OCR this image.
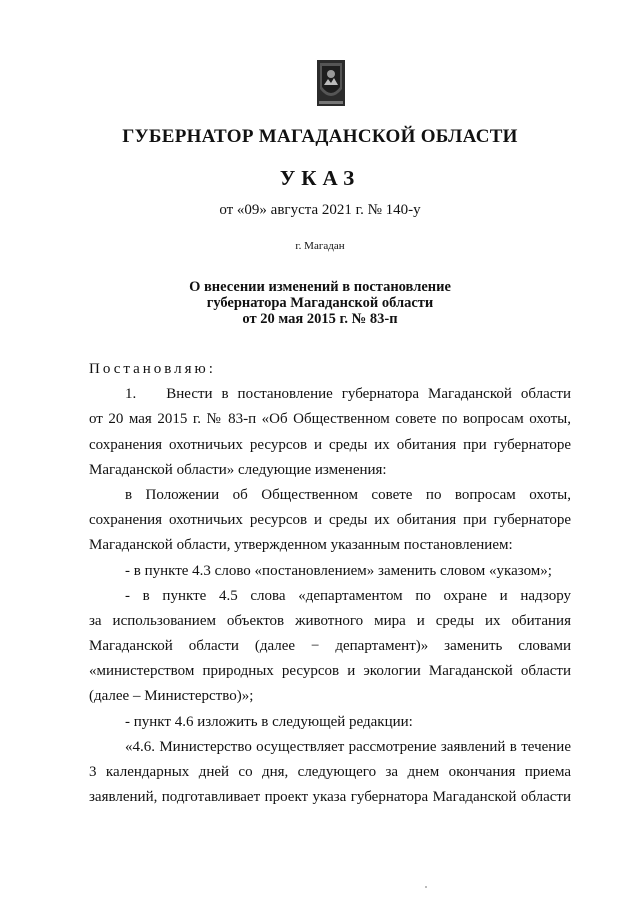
ГУБЕРНАТОР МАГАДАНСКОЙ ОБЛАСТИ
УКАЗ
от «09» августа 2021 г. № 140-у
г. Магадан
О внесении изменений в постановление
губернатора Магаданской области
от 20 мая 2015 г. № 83-п
Постановляю:
1. Внести в постановление губернатора Магаданской области
от 20 мая 2015 г. № 83-п «Об Общественном совете по вопросам охоты,
сохранения охотничьих ресурсов и среды их обитания при губернаторе
Магаданской области» следующие изменения:
в Положении об Общественном совете по вопросам охоты,
сохранения охотничьих ресурсов и среды их обитания при губернаторе
Магаданской области, утвержденном указанным постановлением:
- в пункте 4.3 слово «постановлением» заменить словом «указом»;
- в пункте 4.5 слова «департаментом по охране и надзору
за использованием объектов животного мира и среды их обитания
Магаданской области (далее − департамент)» заменить словами
«министерством природных ресурсов и экологии Магаданской области
(далее – Министерство)»;
- пункт 4.6 изложить в следующей редакции:
«4.6. Министерство осуществляет рассмотрение заявлений в течение
3 календарных дней со дня, следующего за днем окончания приема
заявлений, подготавливает проект указа губернатора Магаданской области
